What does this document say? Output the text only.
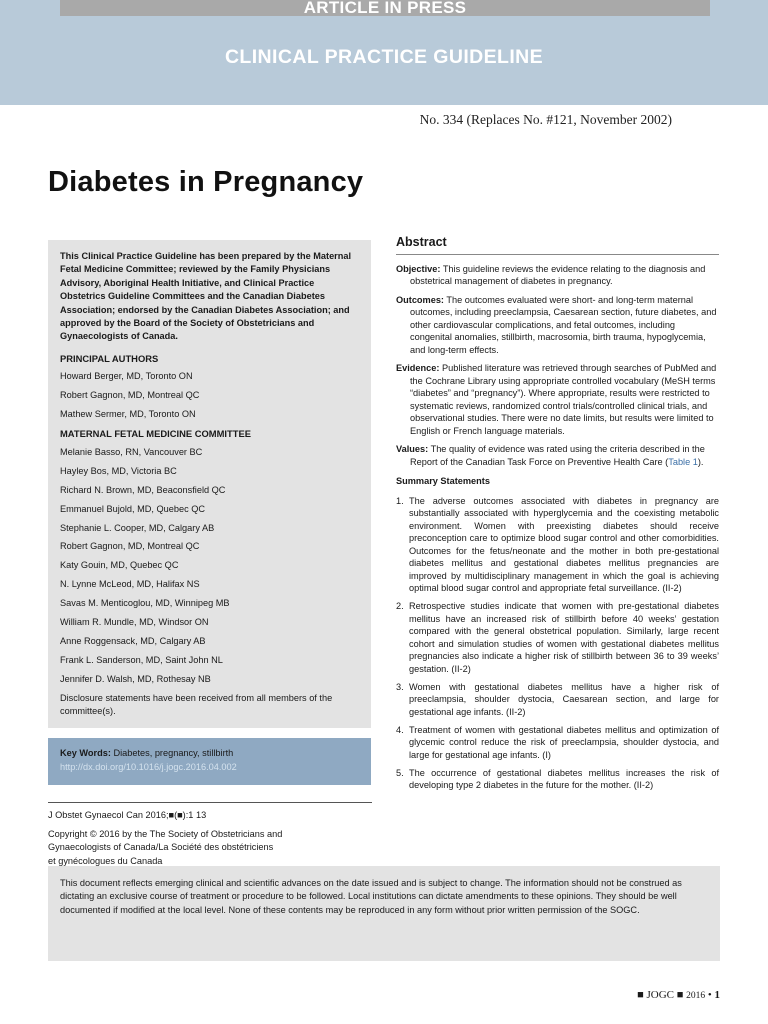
ARTICLE IN PRESS
CLINICAL PRACTICE GUIDELINE
No. 334 (Replaces No. #121, November 2002)
Diabetes in Pregnancy

This Clinical Practice Guideline has been prepared by the Maternal Fetal Medicine Committee; reviewed by the Family Physicians Advisory, Aboriginal Health Initiative, and Clinical Practice Obstetrics Guideline Committees and the Canadian Diabetes Association; endorsed by the Canadian Diabetes Association; and approved by the Board of the Society of Obstetricians and Gynaecologists of Canada.

PRINCIPAL AUTHORS
Howard Berger, MD, Toronto ON
Robert Gagnon, MD, Montreal QC
Mathew Sermer, MD, Toronto ON
MATERNAL FETAL MEDICINE COMMITTEE
Melanie Basso, RN, Vancouver BC
Hayley Bos, MD, Victoria BC
Richard N. Brown, MD, Beaconsfield QC
Emmanuel Bujold, MD, Quebec QC
Stephanie L. Cooper, MD, Calgary AB
Robert Gagnon, MD, Montreal QC
Katy Gouin, MD, Quebec QC
N. Lynne McLeod, MD, Halifax NS
Savas M. Menticoglou, MD, Winnipeg MB
William R. Mundle, MD, Windsor ON
Anne Roggensack, MD, Calgary AB
Frank L. Sanderson, MD, Saint John NL
Jennifer D. Walsh, MD, Rothesay NB

Disclosure statements have been received from all members of the committee(s).

Key Words: Diabetes, pregnancy, stillbirth
http://dx.doi.org/10.1016/j.jogc.2016.04.002
J Obstet Gynaecol Can 2016;■(■):1 13
Copyright © 2016 by the The Society of Obstetricians and
Gynaecologists of Canada/La Société des obstétriciens
et gynécologues du Canada
Abstract

Objective: This guideline reviews the evidence relating to the diagnosis and obstetrical management of diabetes in pregnancy.

Outcomes: The outcomes evaluated were short- and long-term maternal outcomes, including preeclampsia, Caesarean section, future diabetes, and other cardiovascular complications, and fetal outcomes, including congenital anomalies, stillbirth, macrosomia, birth trauma, hypoglycemia, and long-term effects.

Evidence: Published literature was retrieved through searches of PubMed and the Cochrane Library using appropriate controlled vocabulary (MeSH terms “diabetes” and “pregnancy”). Where appropriate, results were restricted to systematic reviews, randomized control trials/controlled clinical trials, and observational studies. There were no date limits, but results were limited to English or French language materials.

Values: The quality of evidence was rated using the criteria described in the Report of the Canadian Task Force on Preventive Health Care (Table 1).

Summary Statements
1. The adverse outcomes associated with diabetes in pregnancy are substantially associated with hyperglycemia and the coexisting metabolic environment. Women with preexisting diabetes should receive preconception care to optimize blood sugar control and other comorbidities. Outcomes for the fetus/neonate and the mother in both pre-gestational diabetes mellitus and gestational diabetes mellitus pregnancies are improved by multidisciplinary management in which the goal is achieving optimal blood sugar control and appropriate fetal surveillance. (II-2)
2. Retrospective studies indicate that women with pre-gestational diabetes mellitus have an increased risk of stillbirth before 40 weeks’ gestation compared with the general obstetrical population. Similarly, large recent cohort and simulation studies of women with gestational diabetes mellitus pregnancies also indicate a higher risk of stillbirth between 36 to 39 weeks’ gestation. (II-2)
3. Women with gestational diabetes mellitus have a higher risk of preeclampsia, shoulder dystocia, Caesarean section, and large for gestational age infants. (II-2)
4. Treatment of women with gestational diabetes mellitus and optimization of glycemic control reduce the risk of preeclampsia, shoulder dystocia, and large for gestational age infants. (I)
5. The occurrence of gestational diabetes mellitus increases the risk of developing type 2 diabetes in the future for the mother. (II-2)
This document reflects emerging clinical and scientific advances on the date issued and is subject to change. The information should not be construed as dictating an exclusive course of treatment or procedure to be followed. Local institutions can dictate amendments to these opinions. They should be well documented if modified at the local level. None of these contents may be reproduced in any form without prior written permission of the SOGC.
■ JOGC ■ 2016 • 1
